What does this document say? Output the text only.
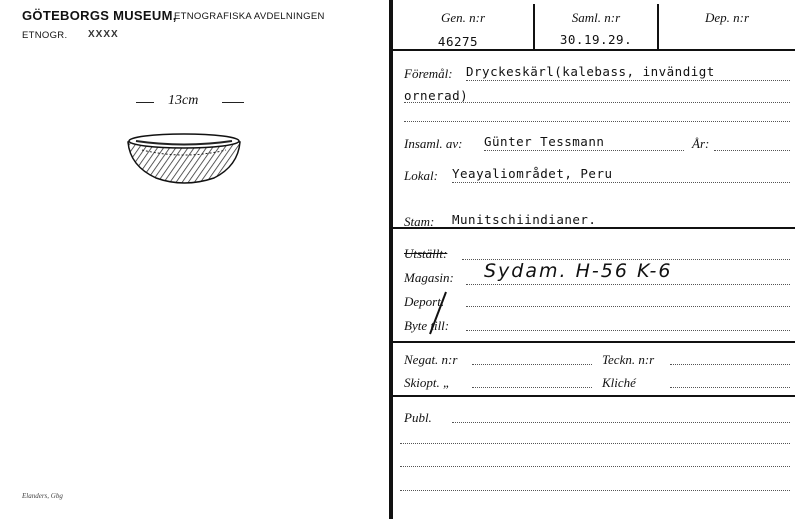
GÖTEBORGS MUSEUM,
ETNOGRAFISKA AVDELNINGEN
ETNOGR. XXXX
13cm
Elanders, Gbg
Gen. n:r
46275
Saml. n:r
30.19.29.
Dep. n:r
Föremål: Dryckeskärl(kalebass, invändigt
ornerad)
Insaml. av: Günter Tessmann	År:
Lokal: Yeayaliområdet, Peru
Stam: Munitschiindianer.
Utställt:
Magasin: Sydam. H-56 K-6
Deport.
Byte till:
Negat. n:r	Teckn. n:r
Skiopt. „	Kliché
Publ.
